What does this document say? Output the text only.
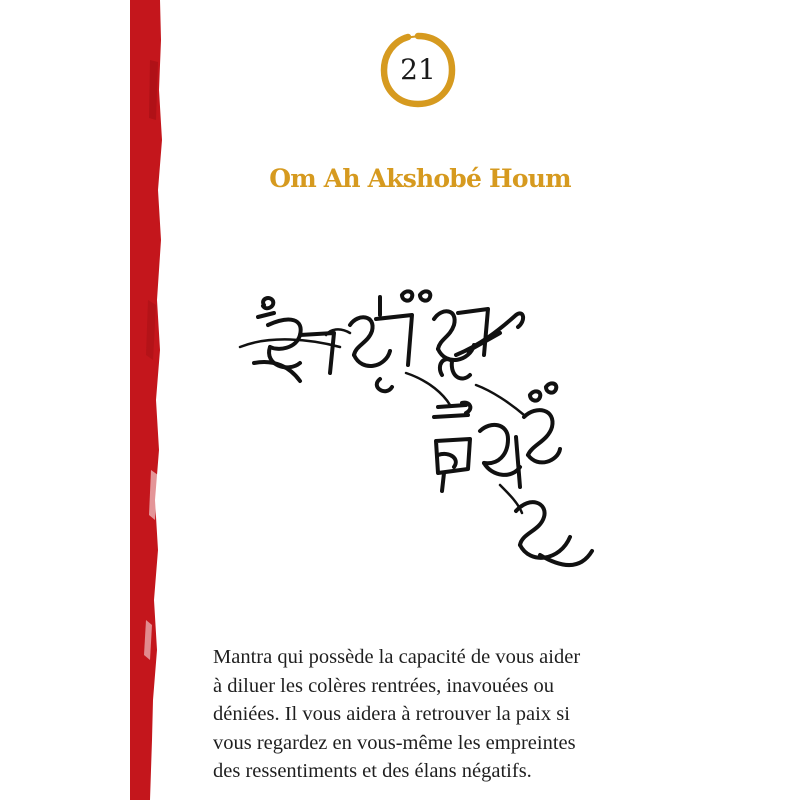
21
Om Ah Akshobé Houm

Mantra qui possède la capacité de vous aider
à diluer les colères rentrées, inavouées ou
déniées. Il vous aidera à retrouver la paix si
vous regardez en vous-même les empreintes
des ressentiments et des élans négatifs.
